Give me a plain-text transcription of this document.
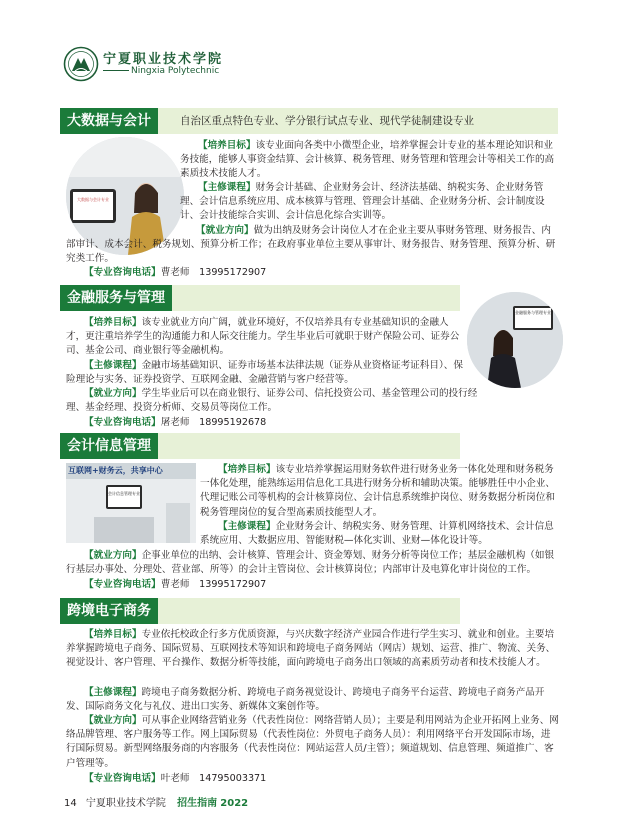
宁夏职业技术学院
Ningxia Polytechnic
大数据与会计	自治区重点特色专业、学分银行试点专业、现代学徒制建设专业
大数据与会计专业
【培养目标】该专业面向各类中小微型企业，培养掌握会计专业的基本理论知识和业务技能，能够人事资金结算、会计核算、税务管理、财务管理和管理会计等相关工作的高素质技术技能人才。
【主修课程】财务会计基础、企业财务会计、经济法基础、纳税实务、企业财务管理、会计信息系统应用、成本核算与管理、管理会计基础、企业财务分析、会计制度设计、会计技能综合实训、会计信息化综合实训等。
【就业方向】做为出纳及财务会计岗位人才在企业主要从事财务管理、财务报告、内部审计、成本会计、税务规划、预算分析工作；在政府事业单位主要从事审计、财务报告、财务管理、预算分析、研究类工作。
【专业咨询电话】曹老师　13995172907
金融服务与管理
金融服务与管理专业
【培养目标】该专业就业方向广阔，就业环境好，不仅培养具有专业基础知识的金融人才，更注重培养学生的沟通能力和人际交往能力。学生毕业后可就职于财产保险公司、证券公司、基金公司、商业银行等金融机构。
【主修课程】金融市场基础知识、证券市场基本法律法规（证券从业资格证考证科目）、保险理论与实务、证券投资学、互联网金融、金融营销与客户经营等。
【就业方向】学生毕业后可以在商业银行、证券公司、信托投资公司、基金管理公司的投行经理、基金经理、投资分析师、交易员等岗位工作。
【专业咨询电话】屠老师　18995192678
会计信息管理
互联网+财务云，共享中心
会计信息管理专业
【培养目标】该专业培养掌握运用财务软件进行财务业务一体化处理和财务税务一体化处理，能熟练运用信息化工具进行财务分析和辅助决策。能够胜任中小企业、代理记账公司等机构的会计核算岗位、会计信息系统维护岗位、财务数据分析岗位和税务管理岗位的复合型高素质技能型人才。
【主修课程】企业财务会计、纳税实务、财务管理、计算机网络技术、会计信息系统应用、大数据应用、智能财税—体化实训、业财—体化设计等。
【就业方向】企事业单位的出纳、会计核算、管理会计、资金筹划、财务分析等岗位工作；基层金融机构（如银行基层办事处、分理处、营业部、所等）的会计主管岗位、会计核算岗位；内部审计及电算化审计岗位的工作。
【专业咨询电话】曹老师　13995172907
跨境电子商务
【培养目标】专业依托校政企行多方优质资源，与兴庆数字经济产业园合作进行学生实习、就业和创业。主要培养掌握跨境电子商务、国际贸易、互联网技术等知识和跨境电子商务网站（网店）规划、运营、推广、物流、关务、视觉设计、客户管理、平台操作、数据分析等技能，面向跨境电子商务出口领域的高素质劳动者和技术技能人才。
【主修课程】跨境电子商务数据分析、跨境电子商务视觉设计、跨境电子商务平台运营、跨境电子商务产品开发、国际商务文化与礼仪、进出口实务、新媒体文案创作等。
【就业方向】可从事企业网络营销业务（代表性岗位：网络营销人员）；主要是利用网站为企业开拓网上业务、网络品牌管理、客户服务等工作。网上国际贸易（代表性岗位：外贸电子商务人员）：利用网络平台开发国际市场，进行国际贸易。新型网络服务商的内容服务（代表性岗位：网站运营人员/主管）；频道规划、信息管理、频道推广、客户管理等。
【专业咨询电话】叶老师　14795003371
14 宁夏职业技术学院 招生指南 2022
